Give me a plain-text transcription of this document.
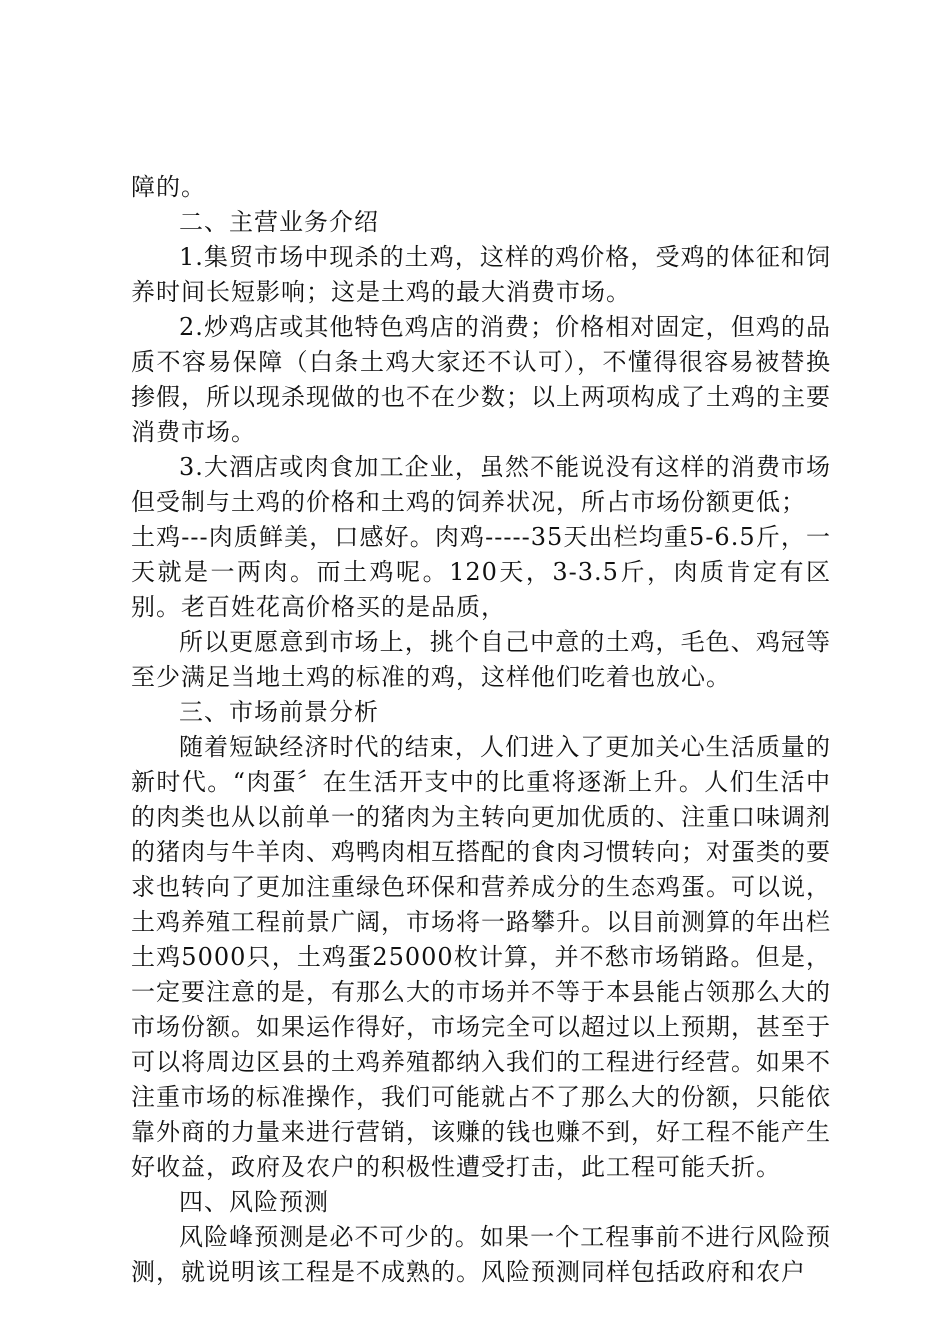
障的。

二、主营业务介绍

1.集贸市场中现杀的土鸡，这样的鸡价格，受鸡的体征和饲养时间长短影响；这是土鸡的最大消费市场。

2.炒鸡店或其他特色鸡店的消费；价格相对固定，但鸡的品质不容易保障（白条土鸡大家还不认可），不懂得很容易被替换掺假，所以现杀现做的也不在少数；以上两项构成了土鸡的主要消费市场。

3.大酒店或肉食加工企业，虽然不能说没有这样的消费市场但受制与土鸡的价格和土鸡的饲养状况，所占市场份额更低；

土鸡---肉质鲜美，口感好。肉鸡-----35天出栏均重5-6.5斤，一天就是一两肉。而土鸡呢。120天，3-3.5斤，肉质肯定有区别。老百姓花高价格买的是品质，

所以更愿意到市场上，挑个自己中意的土鸡，毛色、鸡冠等至少满足当地土鸡的标准的鸡，这样他们吃着也放心。

三、市场前景分析

随着短缺经济时代的结束，人们进入了更加关心生活质量的新时代。“肉蛋〞在生活开支中的比重将逐渐上升。人们生活中的肉类也从以前单一的猪肉为主转向更加优质的、注重口味调剂的猪肉与牛羊肉、鸡鸭肉相互搭配的食肉习惯转向；对蛋类的要求也转向了更加注重绿色环保和营养成分的生态鸡蛋。可以说，土鸡养殖工程前景广阔，市场将一路攀升。以目前测算的年出栏土鸡5000只，土鸡蛋25000枚计算，并不愁市场销路。但是，一定要注意的是，有那么大的市场并不等于本县能占领那么大的市场份额。如果运作得好，市场完全可以超过以上预期，甚至于可以将周边区县的土鸡养殖都纳入我们的工程进行经营。如果不注重市场的标准操作，我们可能就占不了那么大的份额，只能依靠外商的力量来进行营销，该赚的钱也赚不到，好工程不能产生好收益，政府及农户的积极性遭受打击，此工程可能夭折。

四、风险预测

风险峰预测是必不可少的。如果一个工程事前不进行风险预测，就说明该工程是不成熟的。风险预测同样包括政府和农户
